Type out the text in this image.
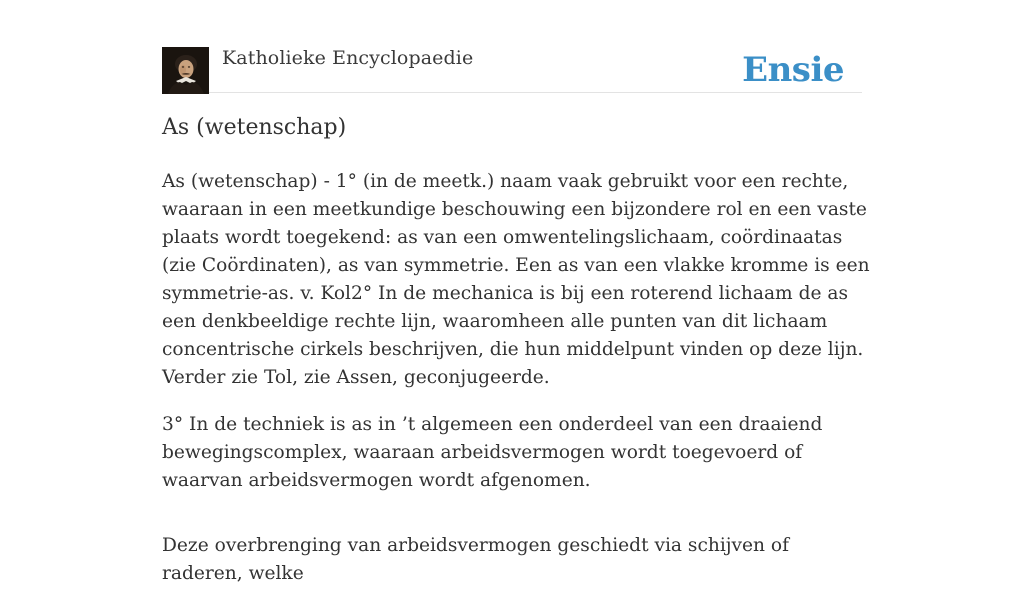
Katholieke Encyclopaedie	Ensie
As (wetenschap)

As (wetenschap) - 1° (in de meetk.) naam vaak gebruikt voor een rechte, waaraan in een meetkundige beschouwing een bijzondere rol en een vaste plaats wordt toegekend: as van een omwentelingslichaam, coördinaatas (zie Coördinaten), as van symmetrie. Een as van een vlakke kromme is een symmetrie-as. v. Kol2° In de mechanica is bij een roterend lichaam de as een denkbeeldige rechte lijn, waaromheen alle punten van dit lichaam concentrische cirkels beschrijven, die hun middelpunt vinden op deze lijn. Verder zie Tol, zie Assen, geconjugeerde.

3° In de techniek is as in ’t algemeen een onderdeel van een draaiend bewegingscomplex, waaraan arbeidsvermogen wordt toegevoerd of waarvan arbeidsvermogen wordt afgenomen.

Deze overbrenging van arbeidsvermogen geschiedt via schijven of raderen, welke
